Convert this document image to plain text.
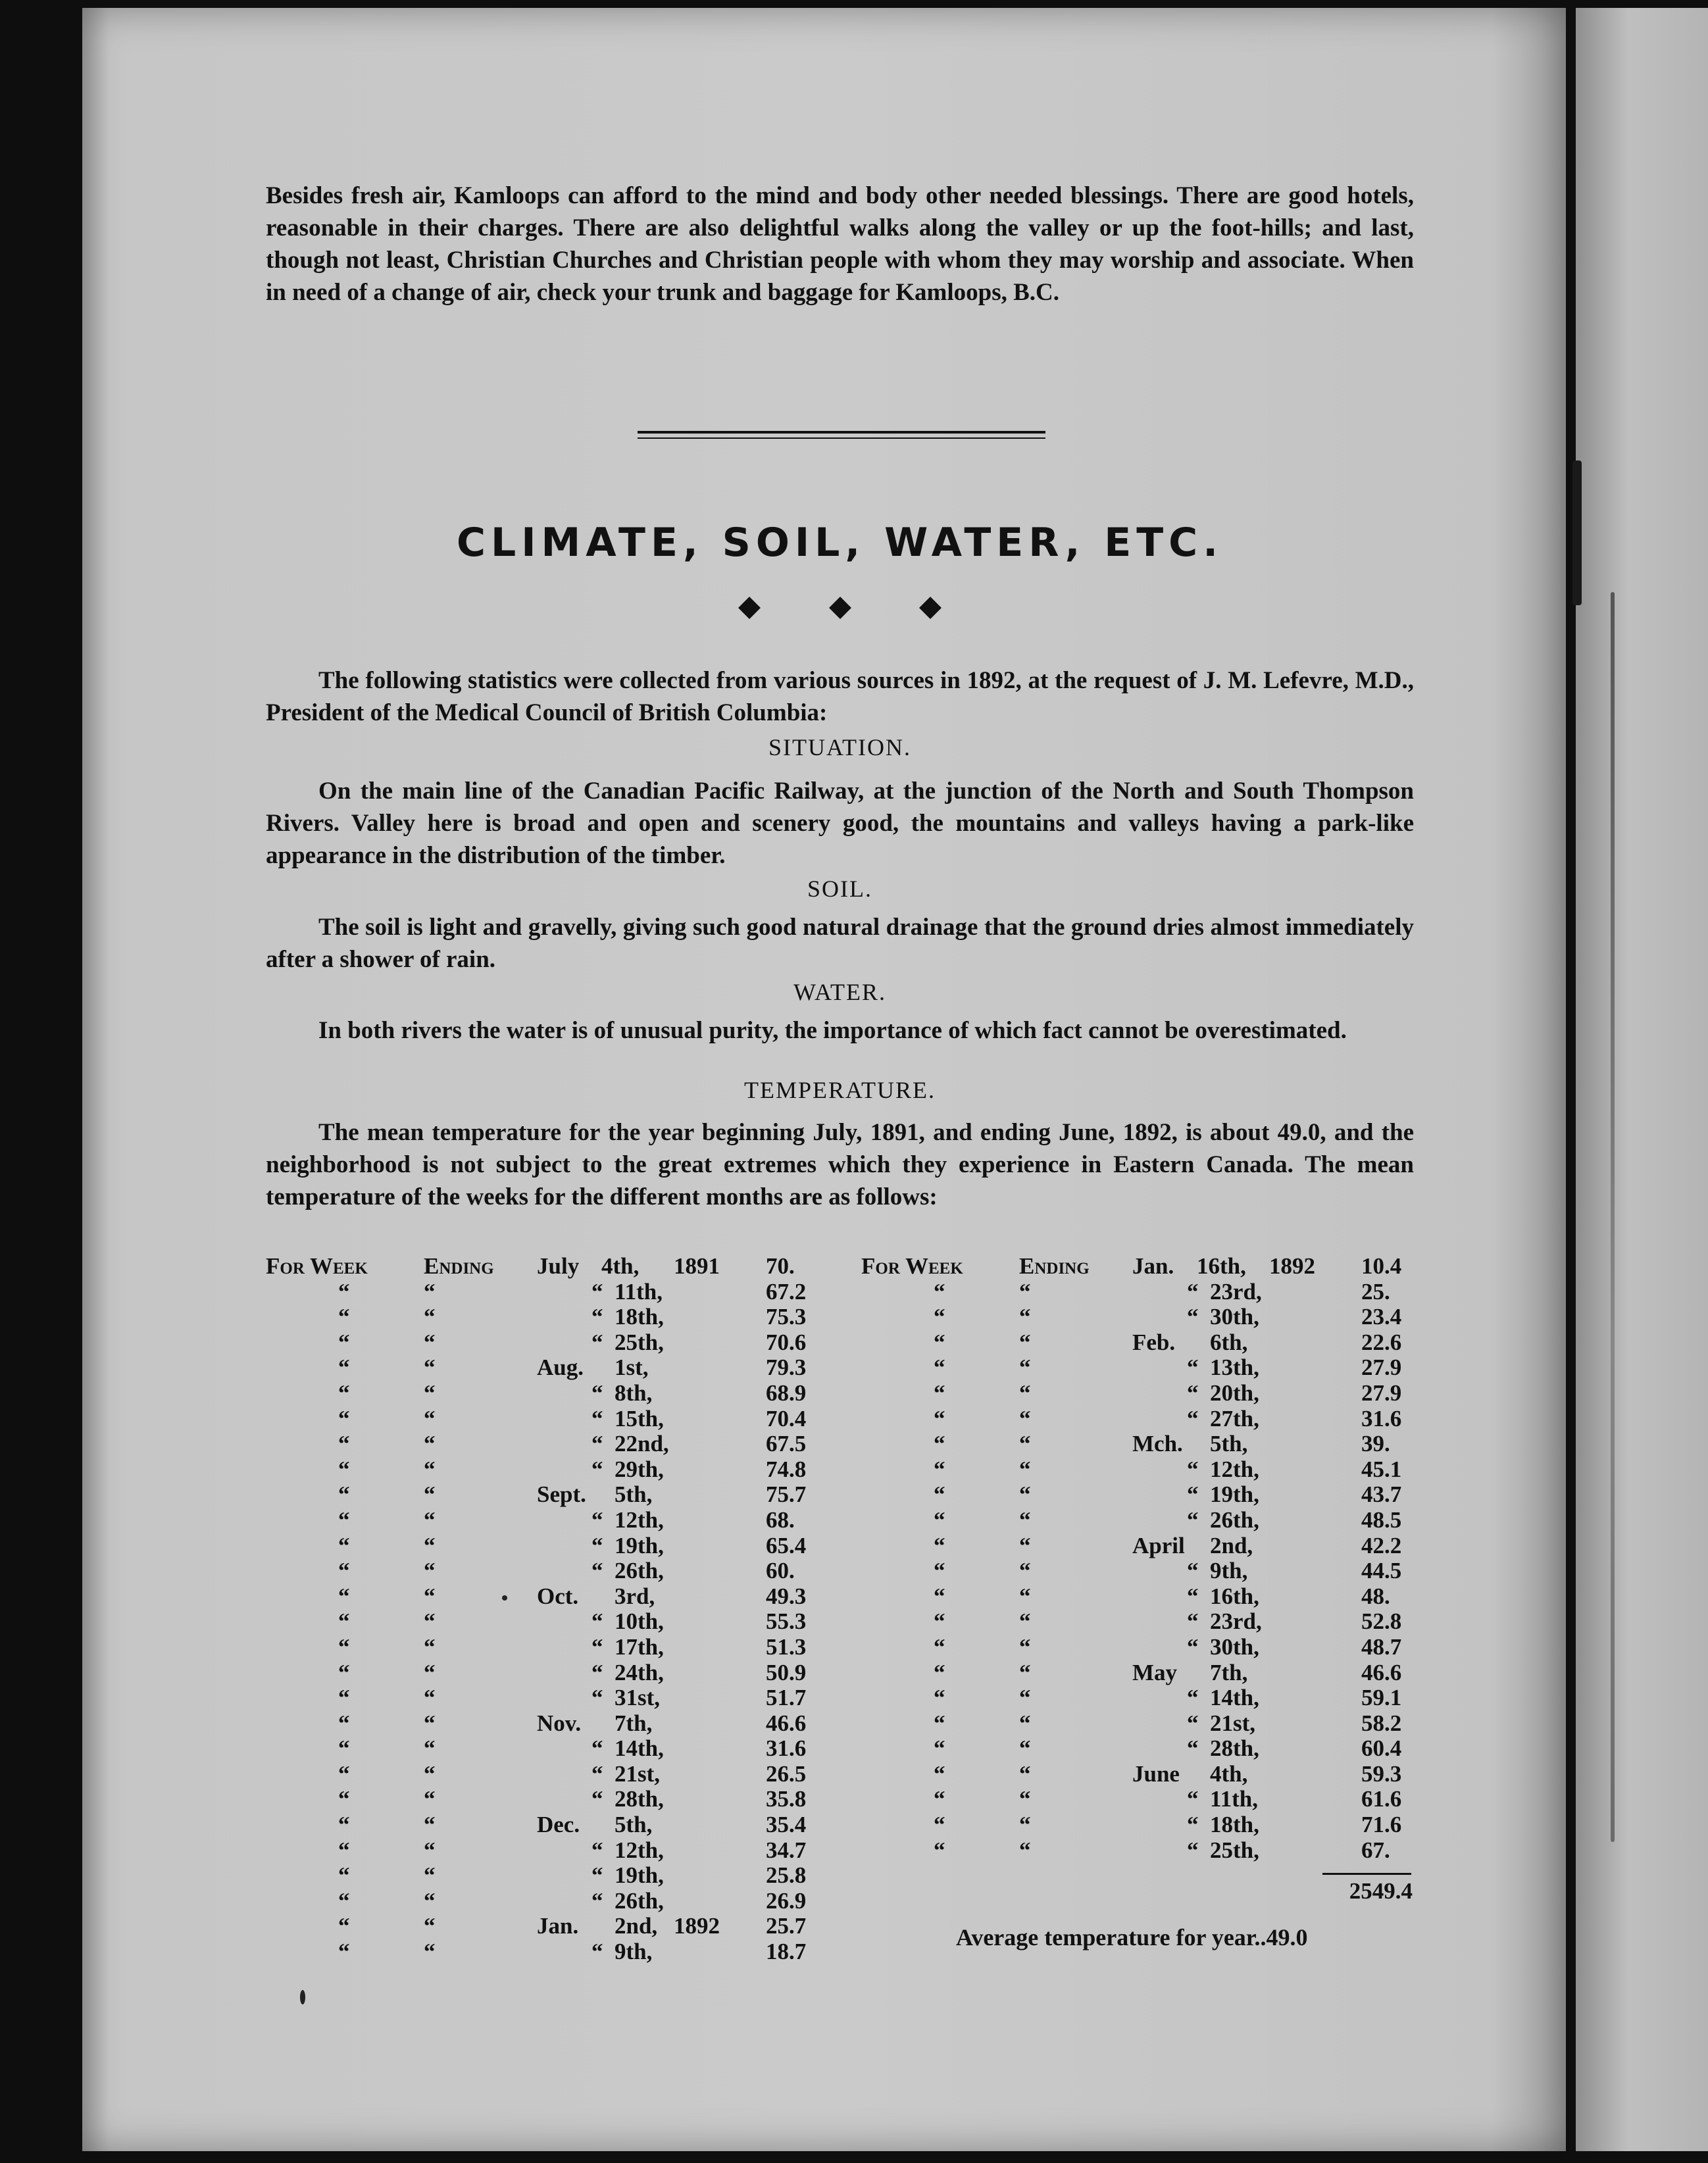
Besides fresh air, Kamloops can afford to the mind and body other needed blessings. There are good hotels, reasonable in their charges. There are also delightful walks along the valley or up the foot-hills; and last, though not least, Christian Churches and Christian people with whom they may worship and associate. When in need of a change of air, check your trunk and baggage for Kamloops, B.C.
CLIMATE, SOIL, WATER, ETC.
The following statistics were collected from various sources in 1892, at the request of J. M. Lefevre, M.D., President of the Medical Council of British Columbia:
SITUATION.
On the main line of the Canadian Pacific Railway, at the junction of the North and South Thompson Rivers. Valley here is broad and open and scenery good, the mountains and valleys having a park-like appearance in the distribution of the timber.
SOIL.
The soil is light and gravelly, giving such good natural drainage that the ground dries almost immediately after a shower of rain.
WATER.
In both rivers the water is of unusual purity, the importance of which fact cannot be overestimated.
TEMPERATURE.
The mean temperature for the year beginning July, 1891, and ending June, 1892, is about 49.0, and the neighborhood is not subject to the great extremes which they experience in Eastern Canada. The mean temperature of the weeks for the different months are as follows:
For Week Ending July 4th, 1891 70.
“	“	“ 11th,	67.2
“	“	“ 18th,	75.3
“	“	“ 25th,	70.6
“	“	Aug. 1st,	79.3
“	“	“ 8th,	68.9
“	“	“ 15th,	70.4
“	“	“ 22nd,	67.5
“	“	“ 29th,	74.8
“	“	Sept. 5th,	75.7
“	“	“ 12th,	68.
“	“	“ 19th,	65.4
“	“	“ 26th,	60.
“	“	Oct. 3rd,	49.3
“	“	“ 10th,	55.3
“	“	“ 17th,	51.3
“	“	“ 24th,	50.9
“	“	“ 31st,	51.7
“	“	Nov. 7th,	46.6
“	“	“ 14th,	31.6
“	“	“ 21st,	26.5
“	“	“ 28th,	35.8
“	“	Dec. 5th,	35.4
“	“	“ 12th,	34.7
“	“	“ 19th,	25.8
“	“	“ 26th,	26.9
“	“	Jan. 2nd, 1892 25.7
“	“	“ 9th,	18.7
For Week Ending Jan. 16th, 1892 10.4
“	“	“ 23rd,	25.
“	“	“ 30th,	23.4
“	“	Feb. 6th,	22.6
“	“	“ 13th,	27.9
“	“	“ 20th,	27.9
“	“	“ 27th,	31.6
“	“	Mch. 5th,	39.
“	“	“ 12th,	45.1
“	“	“ 19th,	43.7
“	“	“ 26th,	48.5
“	“	April 2nd,	42.2
“	“	“ 9th,	44.5
“	“	“ 16th,	48.
“	“	“ 23rd,	52.8
“	“	“ 30th,	48.7
“	“	May 7th,	46.6
“	“	“ 14th,	59.1
“	“	“ 21st,	58.2
“	“	“ 28th,	60.4
“	“	June 4th,	59.3
“	“	“ 11th,	61.6
“	“	“ 18th,	71.6
“	“	“ 25th,	67.
2549.4
Average temperature for year..49.0
